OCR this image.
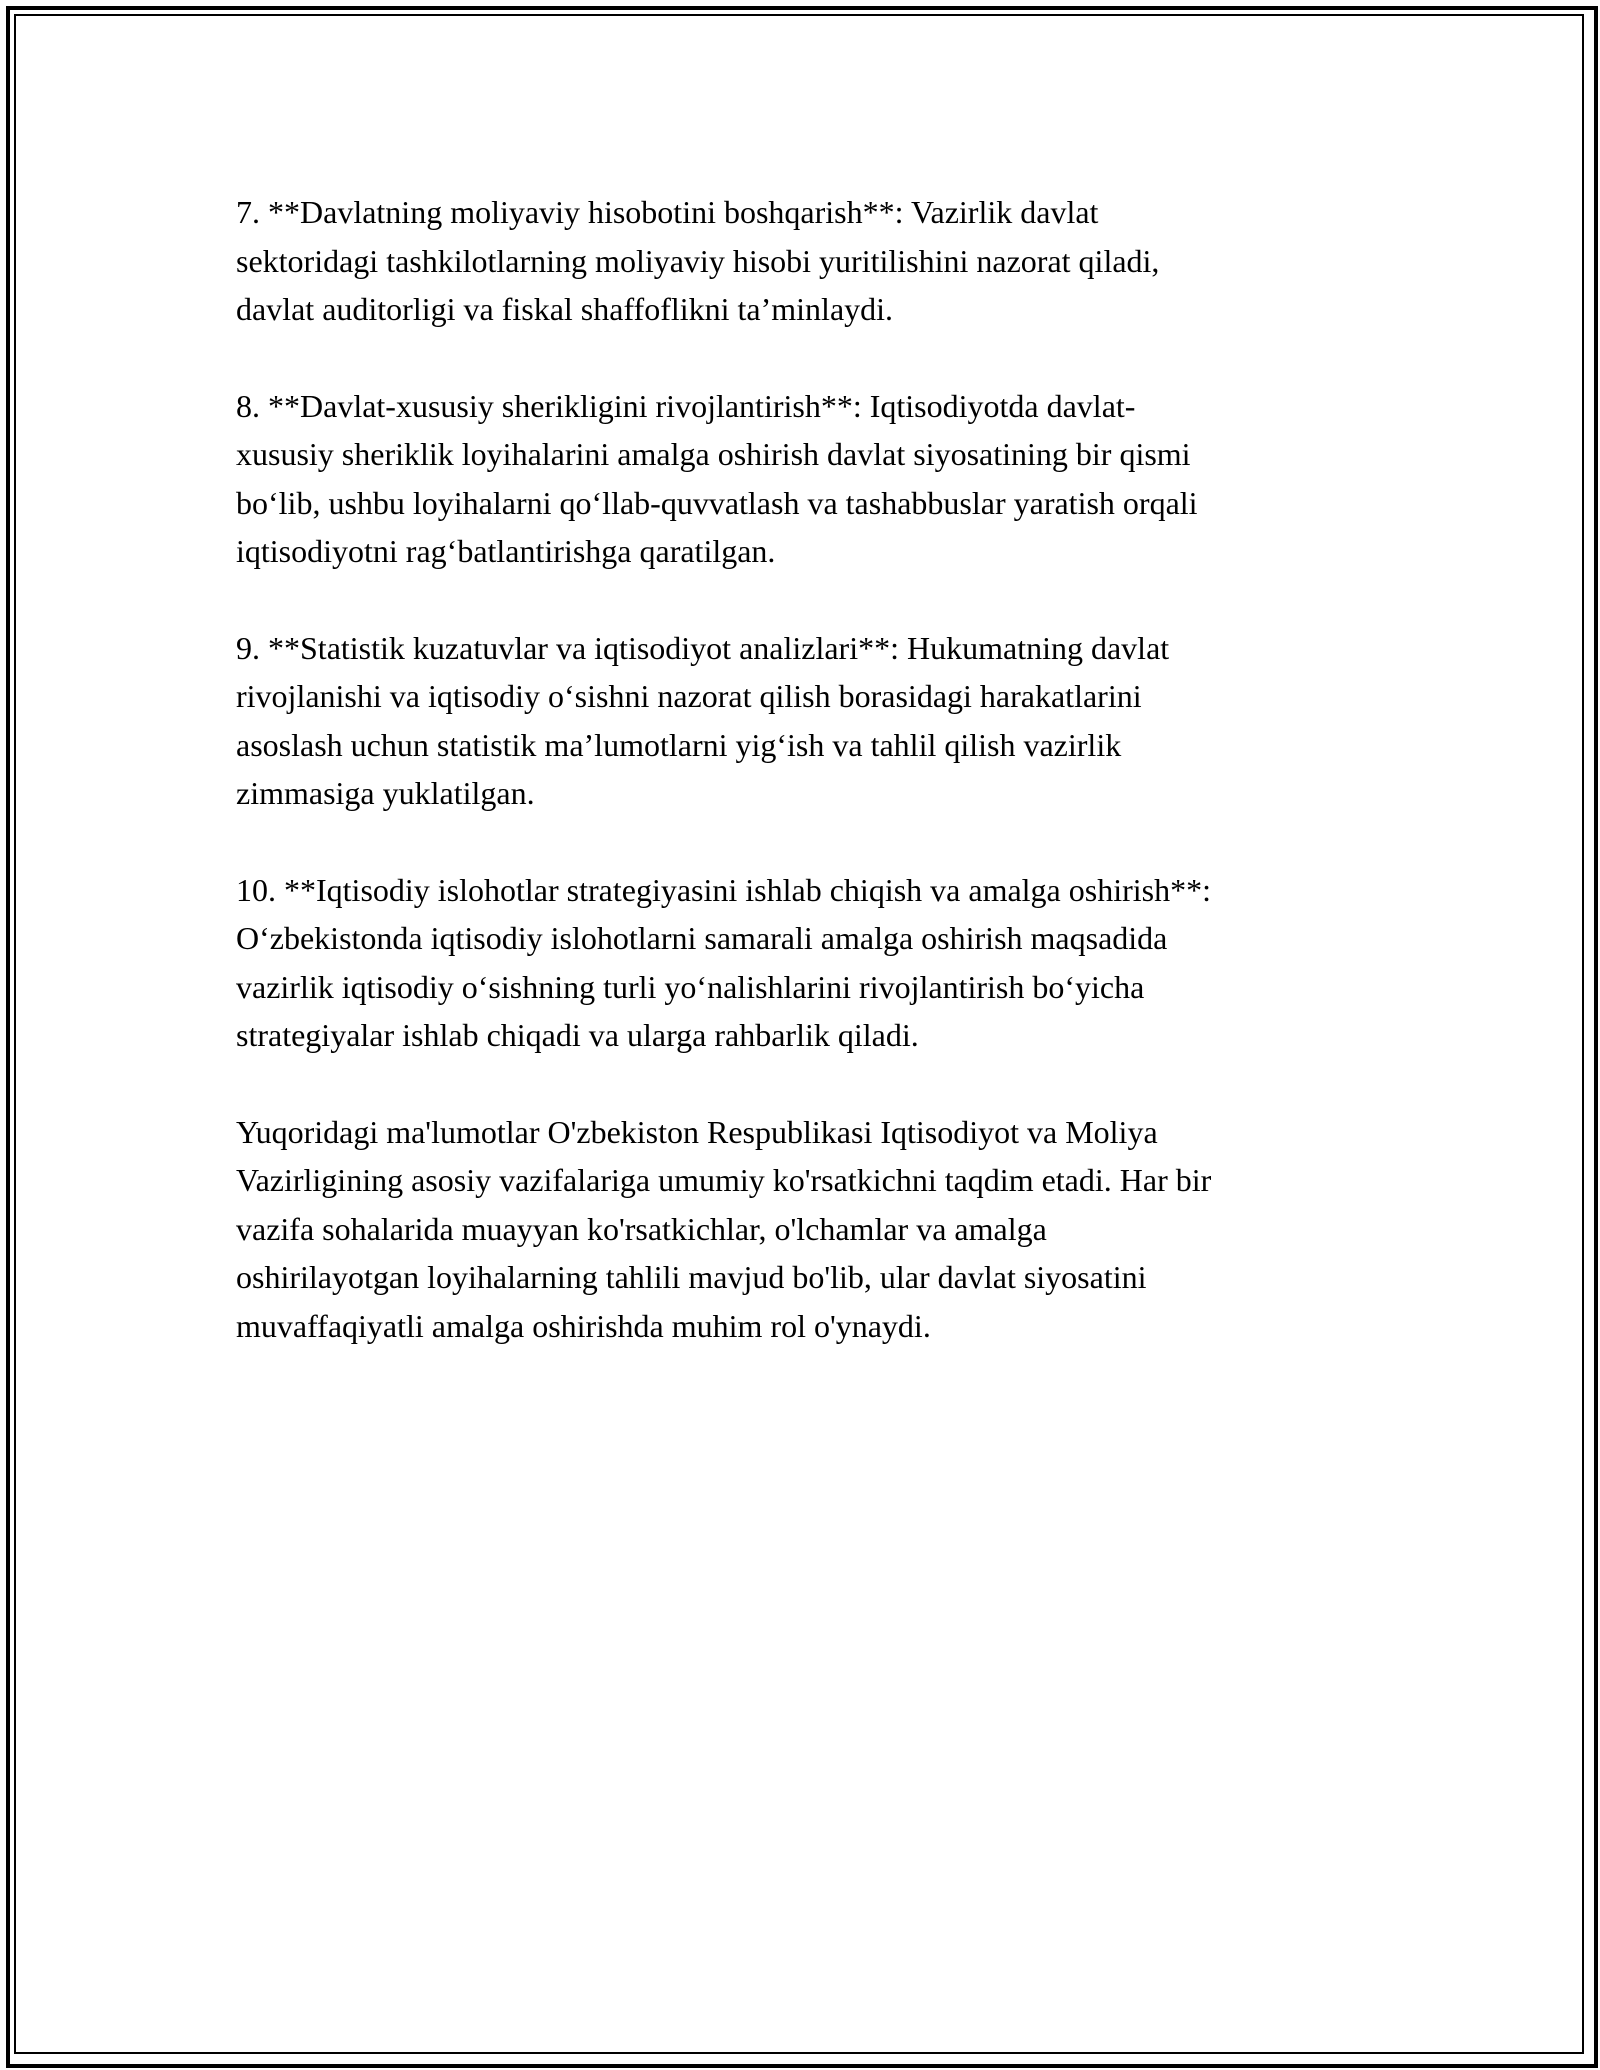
7. **Davlatning moliyaviy hisobotini boshqarish**: Vazirlik davlat
sektoridagi tashkilotlarning moliyaviy hisobi yuritilishini nazorat qiladi,
davlat auditorligi va fiskal shaffoflikni ta’minlaydi.

8. **Davlat-xususiy sherikligini rivojlantirish**: Iqtisodiyotda davlat-
xususiy sheriklik loyihalarini amalga oshirish davlat siyosatining bir qismi
bo‘lib, ushbu loyihalarni qo‘llab-quvvatlash va tashabbuslar yaratish orqali
iqtisodiyotni rag‘batlantirishga qaratilgan.

9. **Statistik kuzatuvlar va iqtisodiyot analizlari**: Hukumatning davlat
rivojlanishi va iqtisodiy o‘sishni nazorat qilish borasidagi harakatlarini
asoslash uchun statistik ma’lumotlarni yig‘ish va tahlil qilish vazirlik
zimmasiga yuklatilgan.

10. **Iqtisodiy islohotlar strategiyasini ishlab chiqish va amalga oshirish**:
O‘zbekistonda iqtisodiy islohotlarni samarali amalga oshirish maqsadida
vazirlik iqtisodiy o‘sishning turli yo‘nalishlarini rivojlantirish bo‘yicha
strategiyalar ishlab chiqadi va ularga rahbarlik qiladi.

Yuqoridagi ma'lumotlar O'zbekiston Respublikasi Iqtisodiyot va Moliya
Vazirligining asosiy vazifalariga umumiy ko'rsatkichni taqdim etadi. Har bir
vazifa sohalarida muayyan ko'rsatkichlar, o'lchamlar va amalga
oshirilayotgan loyihalarning tahlili mavjud bo'lib, ular davlat siyosatini
muvaffaqiyatli amalga oshirishda muhim rol o'ynaydi.
